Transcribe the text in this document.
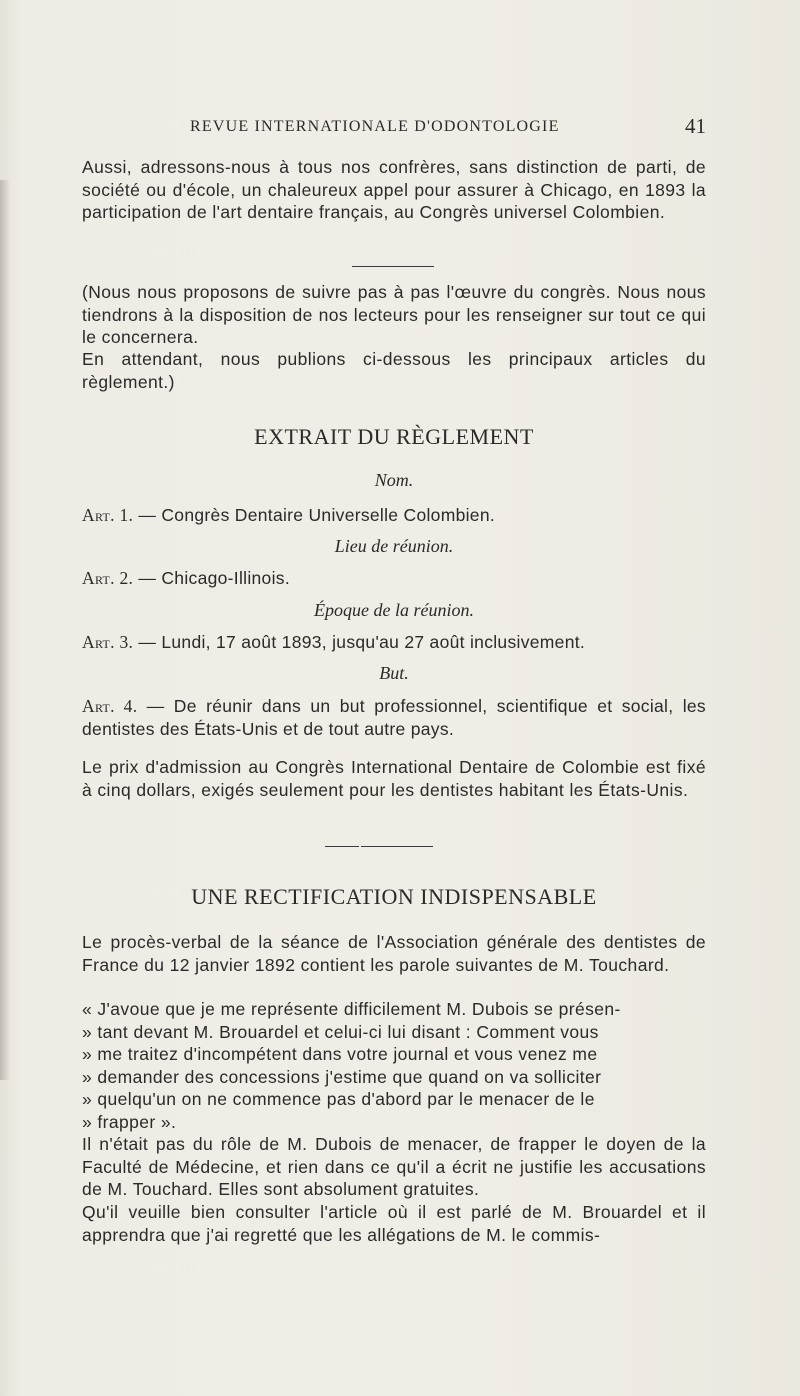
REVUE INTERNATIONALE D'ODONTOLOGIE	41
Aussi, adressons-nous à tous nos confrères, sans distinction de parti, de société ou d'école, un chaleureux appel pour assurer à Chicago, en 1893 la participation de l'art dentaire français, au Congrès universel Colombien.
(Nous nous proposons de suivre pas à pas l'œuvre du congrès. Nous nous tiendrons à la disposition de nos lecteurs pour les renseigner sur tout ce qui le concernera.
En attendant, nous publions ci-dessous les principaux articles du règlement.)
EXTRAIT DU RÈGLEMENT
Nom.
Art. 1. — Congrès Dentaire Universelle Colombien.
Lieu de réunion.
Art. 2. — Chicago-Illinois.
Époque de la réunion.
Art. 3. — Lundi, 17 août 1893, jusqu'au 27 août inclusivement.
But.
Art. 4. — De réunir dans un but professionnel, scientifique et social, les dentistes des États-Unis et de tout autre pays.
Le prix d'admission au Congrès International Dentaire de Colombie est fixé à cinq dollars, exigés seulement pour les dentistes habitant les États-Unis.
UNE RECTIFICATION INDISPENSABLE
Le procès-verbal de la séance de l'Association générale des dentistes de France du 12 janvier 1892 contient les parole suivantes de M. Touchard.
« J'avoue que je me représente difficilement M. Dubois se présen-
» tant devant M. Brouardel et celui-ci lui disant : Comment vous
» me traitez d'incompétent dans votre journal et vous venez me
» demander des concessions j'estime que quand on va solliciter
» quelqu'un on ne commence pas d'abord par le menacer de le
» frapper ».
Il n'était pas du rôle de M. Dubois de menacer, de frapper le doyen de la Faculté de Médecine, et rien dans ce qu'il a écrit ne justifie les accusations de M. Touchard. Elles sont absolument gratuites.
Qu'il veuille bien consulter l'article où il est parlé de M. Brouardel et il apprendra que j'ai regretté que les allégations de M. le commis-
